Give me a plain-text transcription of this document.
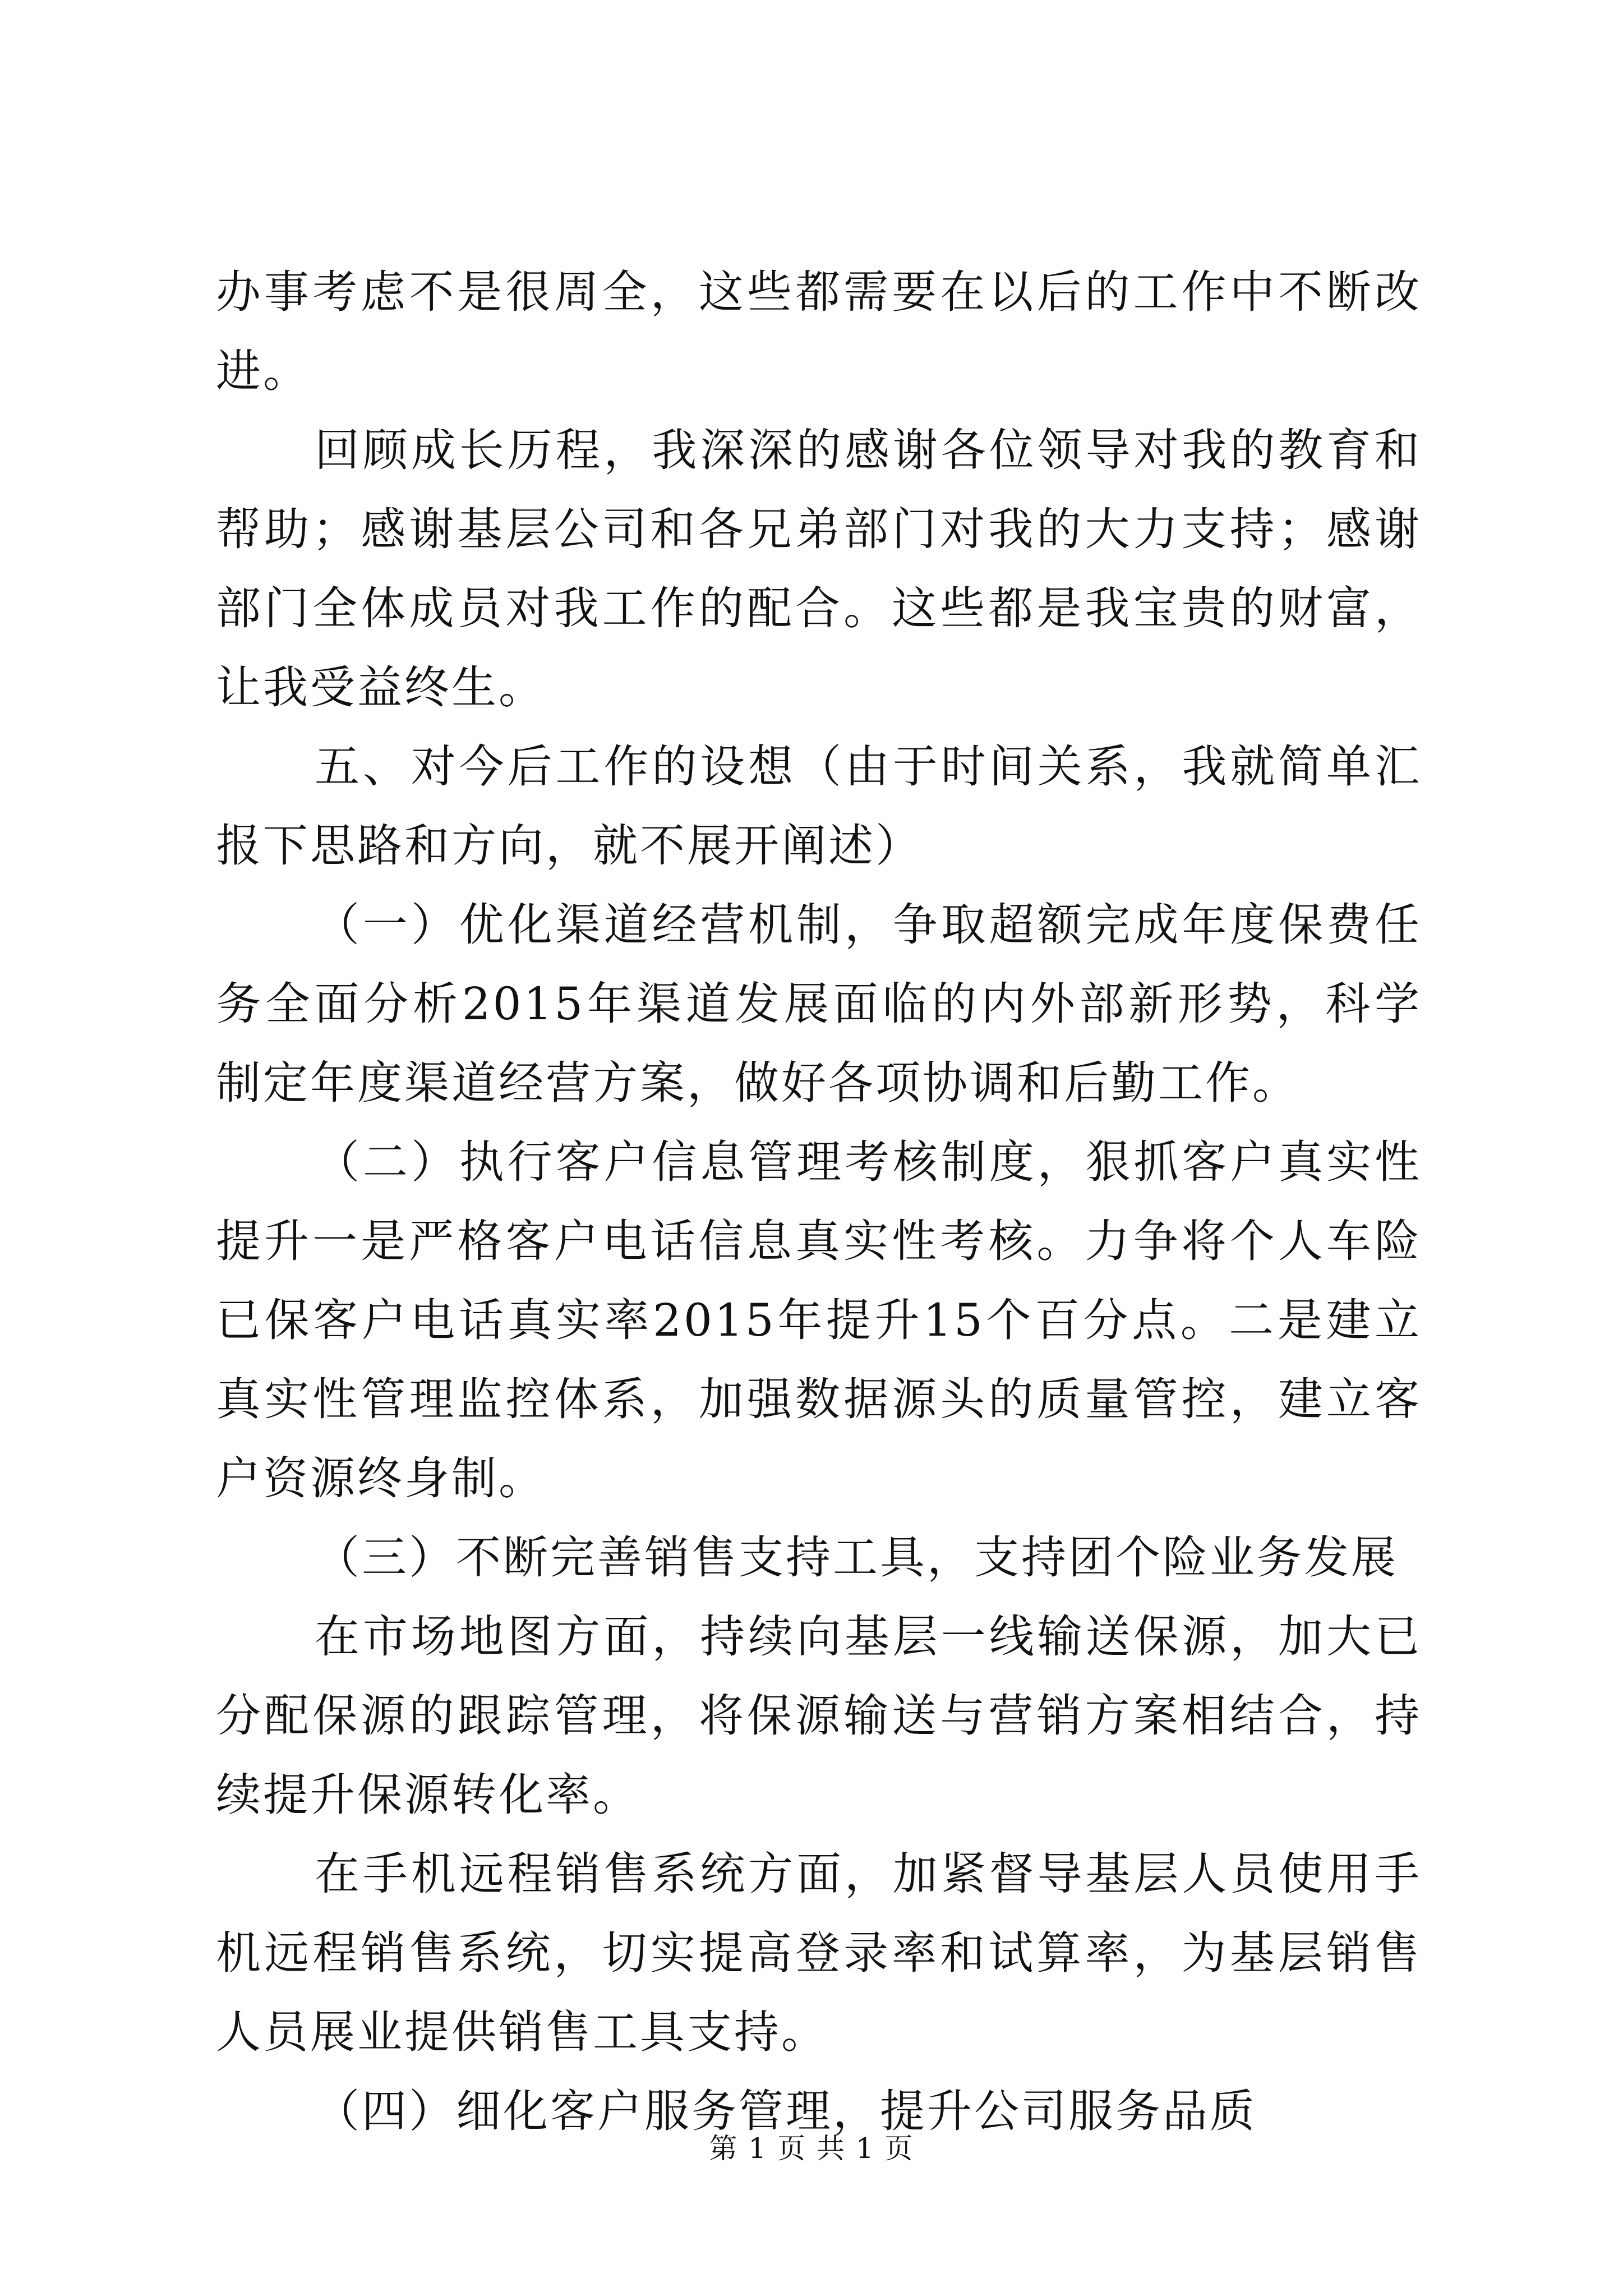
办事考虑不是很周全，这些都需要在以后的工作中不断改进。

回顾成长历程，我深深的感谢各位领导对我的教育和帮助；感谢基层公司和各兄弟部门对我的大力支持；感谢部门全体成员对我工作的配合。这些都是我宝贵的财富，让我受益终生。

五、对今后工作的设想（由于时间关系，我就简单汇报下思路和方向，就不展开阐述）

（一）优化渠道经营机制，争取超额完成年度保费任务全面分析2015年渠道发展面临的内外部新形势，科学制定年度渠道经营方案，做好各项协调和后勤工作。

（二）执行客户信息管理考核制度，狠抓客户真实性提升一是严格客户电话信息真实性考核。力争将个人车险已保客户电话真实率2015年提升15个百分点。二是建立真实性管理监控体系，加强数据源头的质量管控，建立客户资源终身制。

（三）不断完善销售支持工具，支持团个险业务发展

在市场地图方面，持续向基层一线输送保源，加大已分配保源的跟踪管理，将保源输送与营销方案相结合，持续提升保源转化率。

在手机远程销售系统方面，加紧督导基层人员使用手机远程销售系统，切实提高登录率和试算率，为基层销售人员展业提供销售工具支持。

（四）细化客户服务管理，提升公司服务品质

第 1 页 共 1 页
